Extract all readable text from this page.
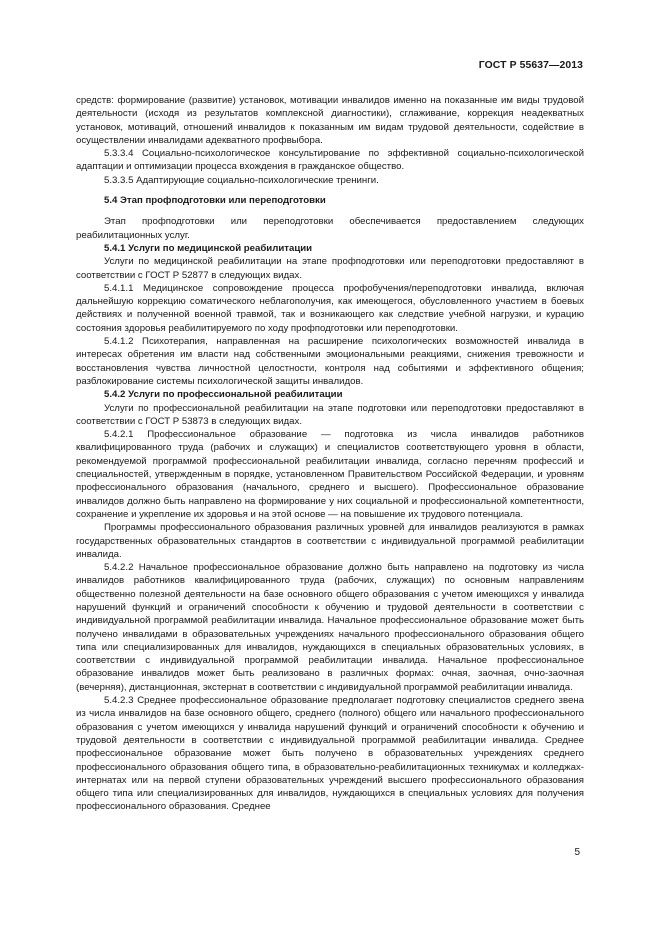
ГОСТ Р 55637—2013

средств: формирование (развитие) установок, мотивации инвалидов именно на показанные им виды трудовой деятельности (исходя из результатов комплексной диагностики), сглаживание, коррекция неадекватных установок, мотиваций, отношений инвалидов к показанным им видам трудовой деятельности, содействие в осуществлении инвалидами адекватного профвыбора.

5.3.3.4 Социально-психологическое консультирование по эффективной социально-психологической адаптации и оптимизации процесса вхождения в гражданское общество.

5.3.3.5 Адаптирующие социально-психологические тренинги.

5.4 Этап профподготовки или переподготовки

Этап профподготовки или переподготовки обеспечивается предоставлением следующих реабилитационных услуг.

5.4.1 Услуги по медицинской реабилитации

Услуги по медицинской реабилитации на этапе профподготовки или переподготовки предоставляют в соответствии с ГОСТ Р 52877 в следующих видах.

5.4.1.1 Медицинское сопровождение процесса профобучения/переподготовки инвалида, включая дальнейшую коррекцию соматического неблагополучия, как имеющегося, обусловленного участием в боевых действиях и полученной военной травмой, так и возникающего как следствие учебной нагрузки, и курацию состояния здоровья реабилитируемого по ходу профподготовки или переподготовки.

5.4.1.2 Психотерапия, направленная на расширение психологических возможностей инвалида в интересах обретения им власти над собственными эмоциональными реакциями, снижения тревожности и восстановления чувства личностной целостности, контроля над событиями и эффективного общения; разблокирование системы психологической защиты инвалидов.

5.4.2 Услуги по профессиональной реабилитации

Услуги по профессиональной реабилитации на этапе подготовки или переподготовки предоставляют в соответствии с ГОСТ Р 53873 в следующих видах.

5.4.2.1 Профессиональное образование — подготовка из числа инвалидов работников квалифицированного труда (рабочих и служащих) и специалистов соответствующего уровня в области, рекомендуемой программой профессиональной реабилитации инвалида, согласно перечням профессий и специальностей, утвержденным в порядке, установленном Правительством Российской Федерации, и уровням профессионального образования (начального, среднего и высшего). Профессиональное образование инвалидов должно быть направлено на формирование у них социальной и профессиональной компетентности, сохранение и укрепление их здоровья и на этой основе — на повышение их трудового потенциала.

Программы профессионального образования различных уровней для инвалидов реализуются в рамках государственных образовательных стандартов в соответствии с индивидуальной программой реабилитации инвалида.

5.4.2.2 Начальное профессиональное образование должно быть направлено на подготовку из числа инвалидов работников квалифицированного труда (рабочих, служащих) по основным направлениям общественно полезной деятельности на базе основного общего образования с учетом имеющихся у инвалида нарушений функций и ограничений способности к обучению и трудовой деятельности в соответствии с индивидуальной программой реабилитации инвалида. Начальное профессиональное образование может быть получено инвалидами в образовательных учреждениях начального профессионального образования общего типа или специализированных для инвалидов, нуждающихся в специальных образовательных условиях, в соответствии с индивидуальной программой реабилитации инвалида. Начальное профессиональное образование инвалидов может быть реализовано в различных формах: очная, заочная, очно-заочная (вечерняя), дистанционная, экстернат в соответствии с индивидуальной программой реабилитации инвалида.

5.4.2.3 Среднее профессиональное образование предполагает подготовку специалистов среднего звена из числа инвалидов на базе основного общего, среднего (полного) общего или начального профессионального образования с учетом имеющихся у инвалида нарушений функций и ограничений способности к обучению и трудовой деятельности в соответствии с индивидуальной программой реабилитации инвалида. Среднее профессиональное образование может быть получено в образовательных учреждениях среднего профессионального образования общего типа, в образовательно-реабилитационных техникумах и колледжах-интернатах или на первой ступени образовательных учреждений высшего профессионального образования общего типа или специализированных для инвалидов, нуждающихся в специальных условиях для получения профессионального образования. Среднее

5
